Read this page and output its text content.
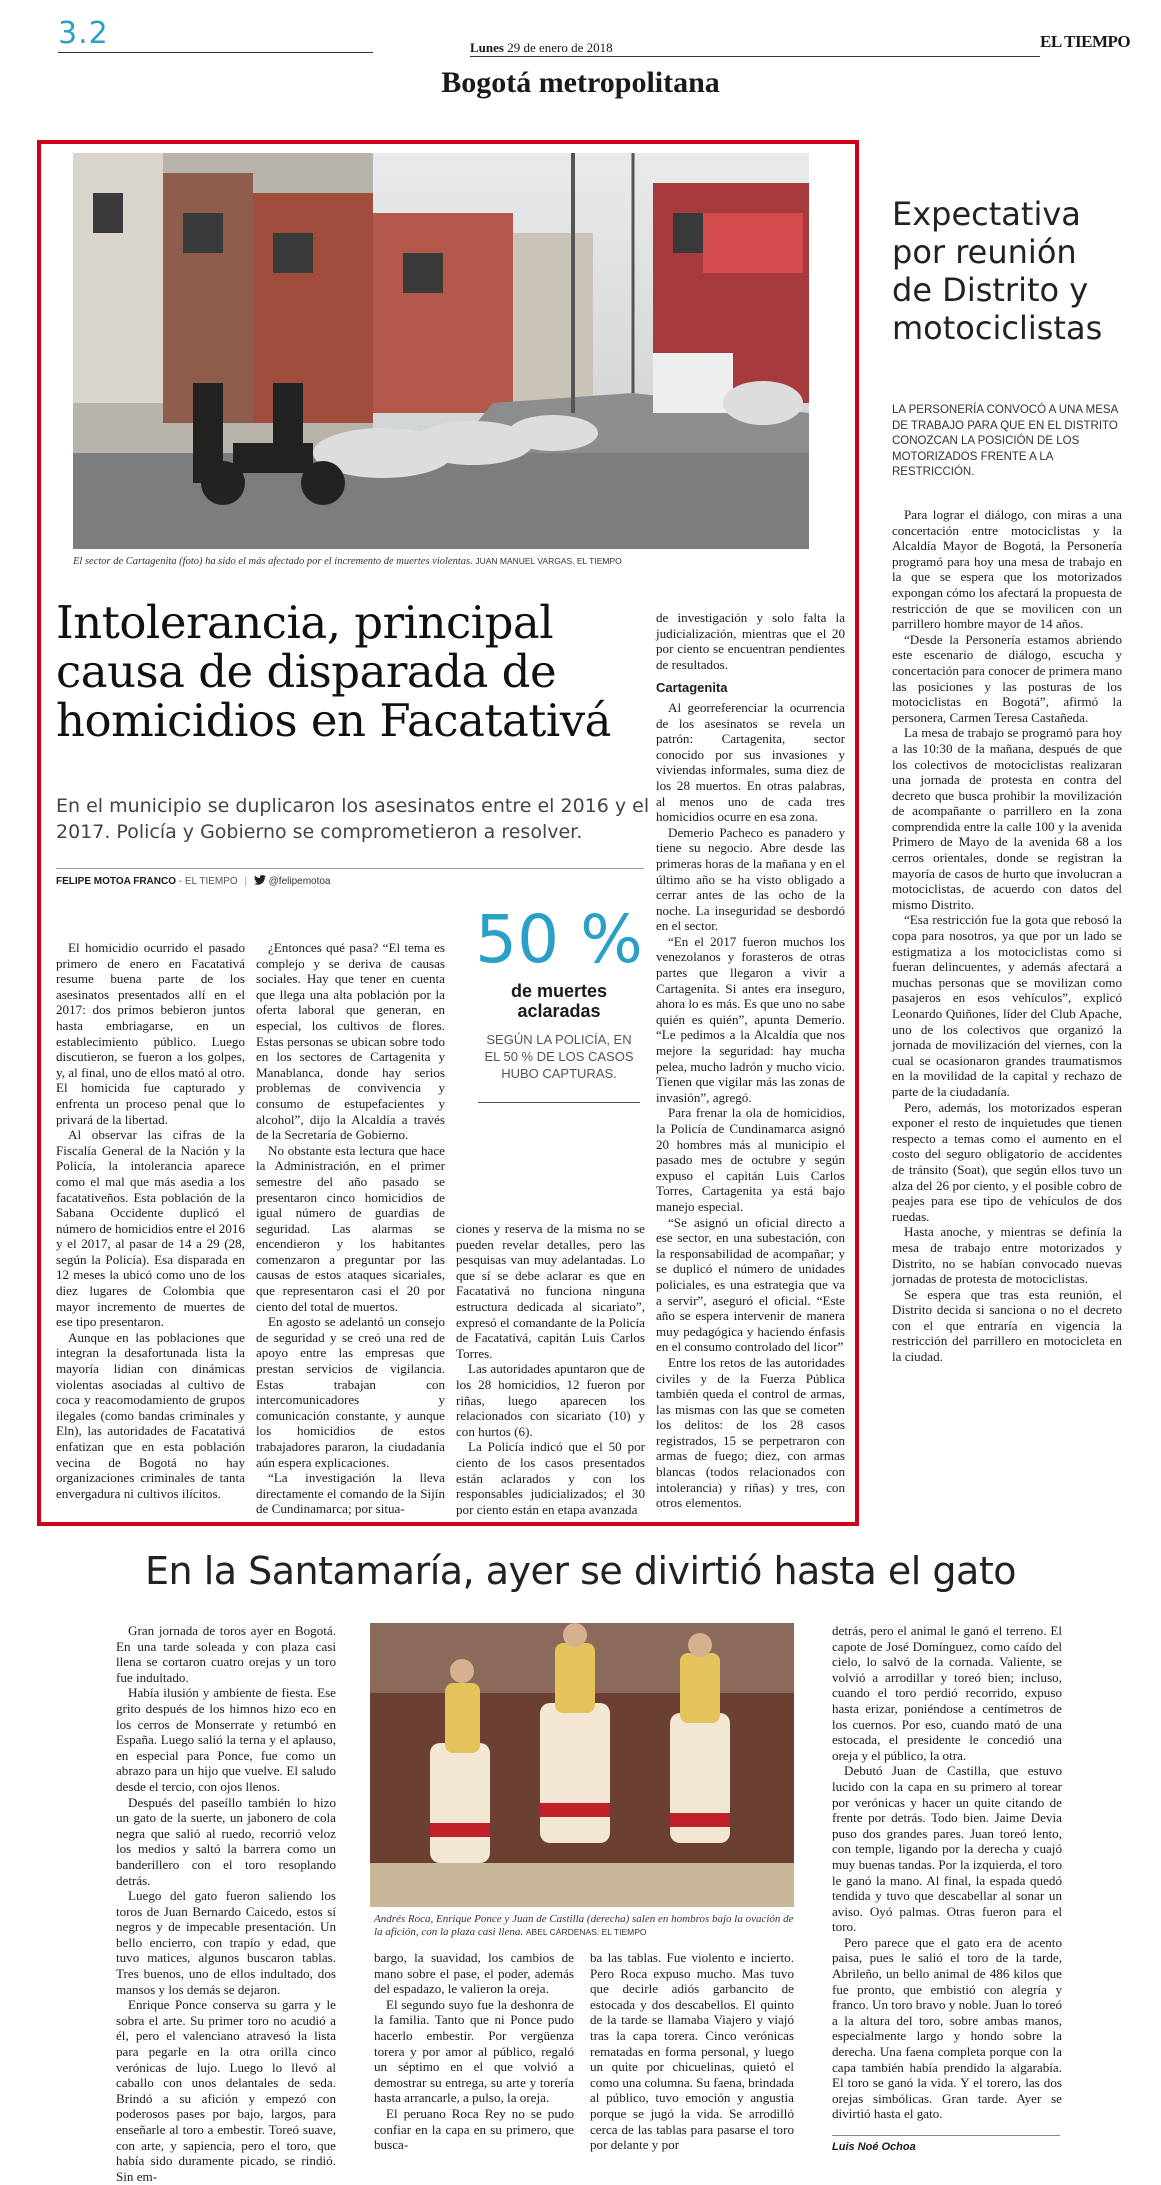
3.2	Lunes 29 de enero de 2018	EL TIEMPO
Bogotá metropolitana
El sector de Cartagenita (foto) ha sido el más afectado por el incremento de muertes violentas. JUAN MANUEL VARGAS. EL TIEMPO
Intolerancia, principal causa de disparada de homicidios en Facatativá
En el municipio se duplicaron los asesinatos entre el 2016 y el 2017. Policía y Gobierno se comprometieron a resolver.
FELIPE MOTOA FRANCO - EL TIEMPO | @felipemotoa
50 %
de muertes aclaradas
SEGÚN LA POLICÍA, EN EL 50 % DE LOS CASOS HUBO CAPTURAS.

El homicidio ocurrido el pasado primero de enero en Facatativá resume buena parte de los asesinatos presentados allí en el 2017: dos primos bebieron juntos hasta embriagarse, en un establecimiento público. Luego discutieron, se fueron a los golpes, y, al final, uno de ellos mató al otro. El homicida fue capturado y enfrenta un proceso penal que lo privará de la libertad.

Al observar las cifras de la Fiscalía General de la Nación y la Policía, la intolerancia aparece como el mal que más asedia a los facatativeños. Esta población de la Sabana Occidente duplicó el número de homicidios entre el 2016 y el 2017, al pasar de 14 a 29 (28, según la Policía). Esa disparada en 12 meses la ubicó como uno de los diez lugares de Colombia que mayor incremento de muertes de ese tipo presentaron.

Aunque en las poblaciones que integran la desafortunada lista la mayoría lidian con dinámicas violentas asociadas al cultivo de coca y reacomodamiento de grupos ilegales (como bandas criminales y Eln), las autoridades de Facatativá enfatizan que en esta población vecina de Bogotá no hay organizaciones criminales de tanta envergadura ni cultivos ilícitos.

¿Entonces qué pasa? “El tema es complejo y se deriva de causas sociales. Hay que tener en cuenta que llega una alta población por la oferta laboral que generan, en especial, los cultivos de flores. Estas personas se ubican sobre todo en los sectores de Cartagenita y Manablanca, donde hay serios problemas de convivencia y consumo de estupefacientes y alcohol”, dijo la Alcaldía a través de la Secretaría de Gobierno.

No obstante esta lectura que hace la Administración, en el primer semestre del año pasado se presentaron cinco homicidios de igual número de guardias de seguridad. Las alarmas se encendieron y los habitantes comenzaron a preguntar por las causas de estos ataques sicariales, que representaron casi el 20 por ciento del total de muertos.

En agosto se adelantó un consejo de seguridad y se creó una red de apoyo entre las empresas que prestan servicios de vigilancia. Estas trabajan con intercomunicadores y comunicación constante, y aunque los homicidios de estos trabajadores pararon, la ciudadanía aún espera explicaciones.

“La investigación la lleva directamente el comando de la Sijín de Cundinamarca; por situa-

ciones y reserva de la misma no se pueden revelar detalles, pero las pesquisas van muy adelantadas. Lo que sí se debe aclarar es que en Facatativá no funciona ninguna estructura dedicada al sicariato”, expresó el comandante de la Policía de Facatativá, capitán Luis Carlos Torres.

Las autoridades apuntaron que de los 28 homicidios, 12 fueron por riñas, luego aparecen los relacionados con sicariato (10) y con hurtos (6).

La Policía indicó que el 50 por ciento de los casos presentados están aclarados y con los responsables judicializados; el 30 por ciento están en etapa avanzada

de investigación y solo falta la judicialización, mientras que el 20 por ciento se encuentran pendientes de resultados.

Cartagenita

Al georreferenciar la ocurrencia de los asesinatos se revela un patrón: Cartagenita, sector conocido por sus invasiones y viviendas informales, suma diez de los 28 muertos. En otras palabras, al menos uno de cada tres homicidios ocurre en esa zona.

Demerio Pacheco es panadero y tiene su negocio. Abre desde las primeras horas de la mañana y en el último año se ha visto obligado a cerrar antes de las ocho de la noche. La inseguridad se desbordó en el sector.

“En el 2017 fueron muchos los venezolanos y forasteros de otras partes que llegaron a vivir a Cartagenita. Si antes era inseguro, ahora lo es más. Es que uno no sabe quién es quién”, apunta Demerio. “Le pedimos a la Alcaldía que nos mejore la seguridad: hay mucha pelea, mucho ladrón y mucho vicio. Tienen que vigilar más las zonas de invasión”, agregó.

Para frenar la ola de homicidios, la Policía de Cundinamarca asignó 20 hombres más al municipio el pasado mes de octubre y según expuso el capitán Luis Carlos Torres, Cartagenita ya está bajo manejo especial.

“Se asignó un oficial directo a ese sector, en una subestación, con la responsabilidad de acompañar; y se duplicó el número de unidades policiales, es una estrategia que va a servir”, aseguró el oficial. “Este año se espera intervenir de manera muy pedagógica y haciendo énfasis en el consumo controlado del licor”

Entre los retos de las autoridades civiles y de la Fuerza Pública también queda el control de armas, las mismas con las que se cometen los delitos: de los 28 casos registrados, 15 se perpetraron con armas de fuego; diez, con armas blancas (todos relacionados con intolerancia) y riñas) y tres, con otros elementos.

Expectativa por reunión de Distrito y motociclistas
LA PERSONERÍA CONVOCÓ A UNA MESA DE TRABAJO PARA QUE EN EL DISTRITO CONOZCAN LA POSICIÓN DE LOS MOTORIZADOS FRENTE A LA RESTRICCIÓN.

Para lograr el diálogo, con miras a una concertación entre motociclistas y la Alcaldía Mayor de Bogotá, la Personería programó para hoy una mesa de trabajo en la que se espera que los motorizados expongan cómo los afectará la propuesta de restricción de que se movilicen con un parrillero hombre mayor de 14 años.

“Desde la Personería estamos abriendo este escenario de diálogo, escucha y concertación para conocer de primera mano las posiciones y las posturas de los motociclistas en Bogotá”, afirmó la personera, Carmen Teresa Castañeda.

La mesa de trabajo se programó para hoy a las 10:30 de la mañana, después de que los colectivos de motociclistas realizaran una jornada de protesta en contra del decreto que busca prohibir la movilización de acompañante o parrillero en la zona comprendida entre la calle 100 y la avenida Primero de Mayo de la avenida 68 a los cerros orientales, donde se registran la mayoría de casos de hurto que involucran a motociclistas, de acuerdo con datos del mismo Distrito.

“Esa restricción fue la gota que rebosó la copa para nosotros, ya que por un lado se estigmatiza a los motociclistas como si fueran delincuentes, y además afectará a muchas personas que se movilizan como pasajeros en esos vehículos”, explicó Leonardo Quiñones, líder del Club Apache, uno de los colectivos que organizó la jornada de movilización del viernes, con la cual se ocasionaron grandes traumatismos en la movilidad de la capital y rechazo de parte de la ciudadanía.

Pero, además, los motorizados esperan exponer el resto de inquietudes que tienen respecto a temas como el aumento en el costo del seguro obligatorio de accidentes de tránsito (Soat), que según ellos tuvo un alza del 26 por ciento, y el posible cobro de peajes para ese tipo de vehículos de dos ruedas.

Hasta anoche, y mientras se definía la mesa de trabajo entre motorizados y Distrito, no se habían convocado nuevas jornadas de protesta de motociclistas.

Se espera que tras esta reunión, el Distrito decida si sanciona o no el decreto con el que entraría en vigencia la restricción del parrillero en motocicleta en la ciudad.

En la Santamaría, ayer se divirtió hasta el gato

Gran jornada de toros ayer en Bogotá. En una tarde soleada y con plaza casi llena se cortaron cuatro orejas y un toro fue indultado.

Había ilusión y ambiente de fiesta. Ese grito después de los himnos hizo eco en los cerros de Monserrate y retumbó en España. Luego salió la terna y el aplauso, en especial para Ponce, fue como un abrazo para un hijo que vuelve. El saludo desde el tercio, con ojos llenos.

Después del paseíllo también lo hizo un gato de la suerte, un jabonero de cola negra que salió al ruedo, recorrió veloz los medios y saltó la barrera como un banderillero con el toro resoplando detrás.

Luego del gato fueron saliendo los toros de Juan Bernardo Caicedo, estos sí negros y de impecable presentación. Un bello encierro, con trapío y edad, que tuvo matices, algunos buscaron tablas. Tres buenos, uno de ellos indultado, dos mansos y los demás se dejaron.

Enrique Ponce conserva su garra y le sobra el arte. Su primer toro no acudió a él, pero el valenciano atravesó la lista para pegarle en la otra orilla cinco verónicas de lujo. Luego lo llevó al caballo con unos delantales de seda. Brindó a su afición y empezó con poderosos pases por bajo, largos, para enseñarle al toro a embestir. Toreó suave, con arte, y sapiencia, pero el toro, que había sido duramente picado, se rindió. Sin em-

Andrés Roca, Enrique Ponce y Juan de Castilla (derecha) salen en hombros bajo la ovación de la afición, con la plaza casi llena. ABEL CÁRDENAS. EL TIEMPO

bargo, la suavidad, los cambios de mano sobre el pase, el poder, además del espadazo, le valieron la oreja.

El segundo suyo fue la deshonra de la familia. Tanto que ni Ponce pudo hacerlo embestir. Por vergüenza torera y por amor al público, regaló un séptimo en el que volvió a demostrar su entrega, su arte y torería hasta arrancarle, a pulso, la oreja.

El peruano Roca Rey no se pudo confiar en la capa en su primero, que busca-

ba las tablas. Fue violento e incierto. Pero Roca expuso mucho. Mas tuvo que decirle adiós garbancito de estocada y dos descabellos. El quinto de la tarde se llamaba Viajero y viajó tras la capa torera. Cinco verónicas rematadas en forma personal, y luego un quite por chicuelinas, quietó el como una columna. Su faena, brindada al público, tuvo emoción y angustia porque se jugó la vida. Se arrodilló cerca de las tablas para pasarse el toro por delante y por

detrás, pero el animal le ganó el terreno. El capote de José Domínguez, como caído del cielo, lo salvó de la cornada. Valiente, se volvió a arrodillar y toreó bien; incluso, cuando el toro perdió recorrido, expuso hasta erizar, poniéndose a centímetros de los cuernos. Por eso, cuando mató de una estocada, el presidente le concedió una oreja y el público, la otra.

Debutó Juan de Castilla, que estuvo lucido con la capa en su primero al torear por verónicas y hacer un quite citando de frente por detrás. Todo bien. Jaime Devia puso dos grandes pares. Juan toreó lento, con temple, ligando por la derecha y cuajó muy buenas tandas. Por la izquierda, el toro le ganó la mano. Al final, la espada quedó tendida y tuvo que descabellar al sonar un aviso. Oyó palmas. Otras fueron para el toro.

Pero parece que el gato era de acento paisa, pues le salió el toro de la tarde, Abrileño, un bello animal de 486 kilos que fue pronto, que embistió con alegría y franco. Un toro bravo y noble. Juan lo toreó a la altura del toro, sobre ambas manos, especialmente largo y hondo sobre la derecha. Una faena completa porque con la capa también había prendido la algarabía. El toro se ganó la vida. Y el torero, las dos orejas simbólicas. Gran tarde. Ayer se divirtió hasta el gato.

Luis Noé Ochoa
